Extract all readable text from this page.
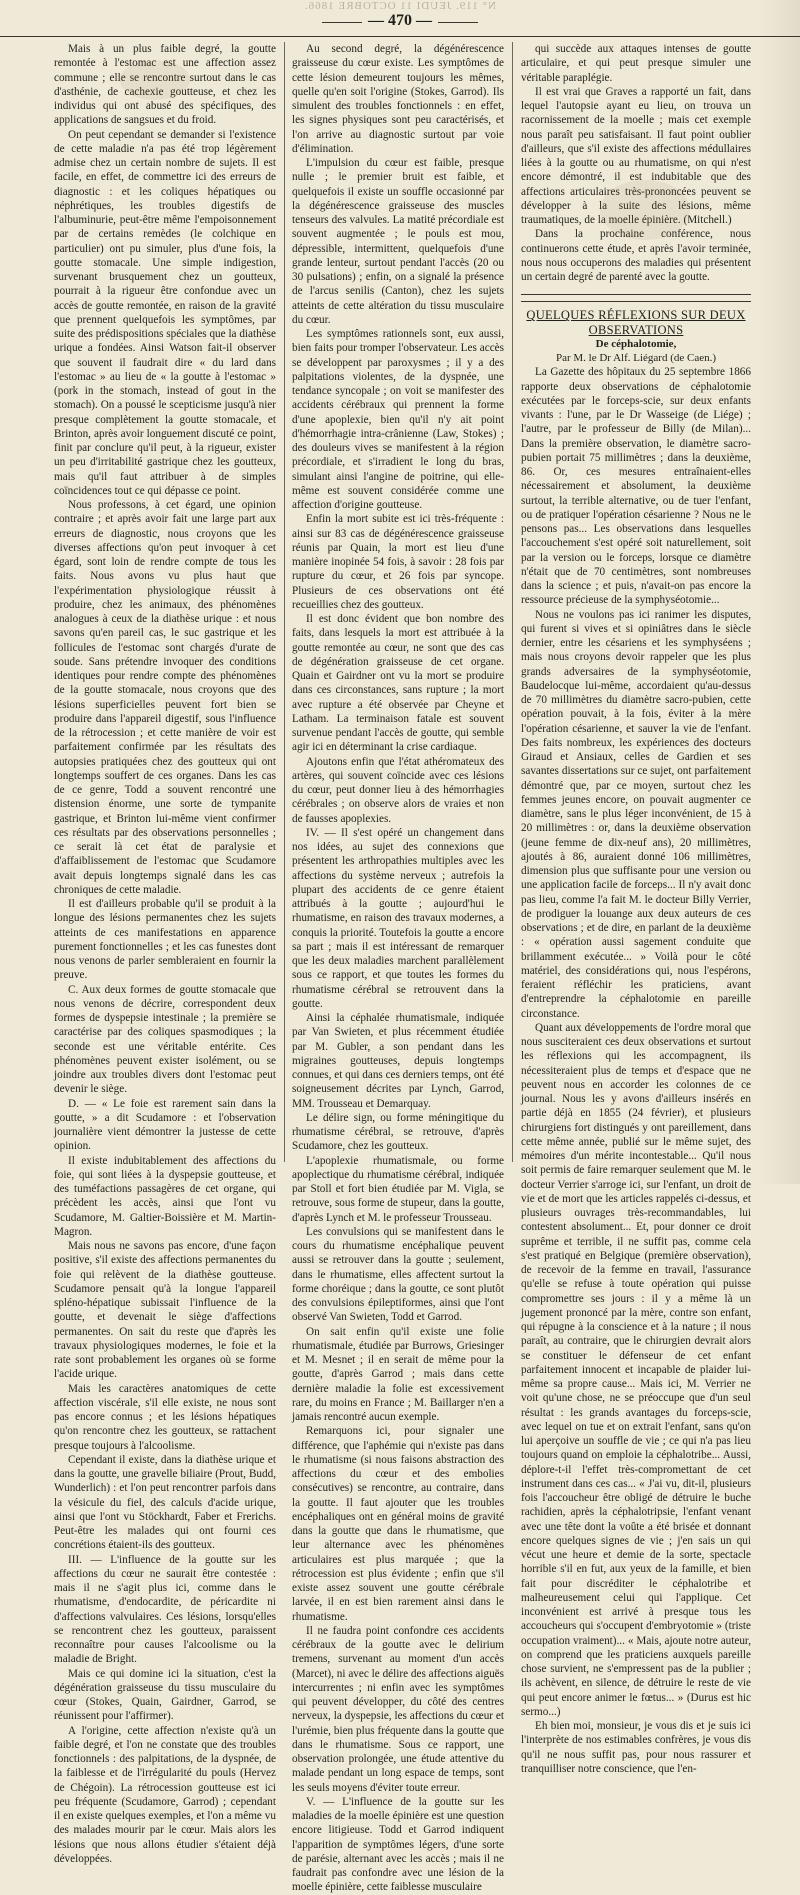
N° 119. JEUDI 11 OCTOBRE 1866.
— 470 —

Mais à un plus faible degré, la goutte remontée à l'estomac est une affection assez commune ; elle se rencontre surtout dans le cas d'asthénie, de cachexie goutteuse, et chez les individus qui ont abusé des spécifiques, des applications de sangsues et du froid.

On peut cependant se demander si l'existence de cette maladie n'a pas été trop légèrement admise chez un certain nombre de sujets. Il est facile, en effet, de commettre ici des erreurs de diagnostic : et les coliques hépatiques ou néphrétiques, les troubles digestifs de l'albuminurie, peut-être même l'empoisonnement par de certains remèdes (le colchique en particulier) ont pu simuler, plus d'une fois, la goutte stomacale. Une simple indigestion, survenant brusquement chez un goutteux, pourrait à la rigueur être confondue avec un accès de goutte remontée, en raison de la gravité que prennent quelquefois les symptômes, par suite des prédispositions spéciales que la diathèse urique a fondées. Ainsi Watson fait-il observer que souvent il faudrait dire « du lard dans l'estomac » au lieu de « la goutte à l'estomac » (pork in the stomach, instead of gout in the stomach). On a poussé le scepticisme jusqu'à nier presque complètement la goutte stomacale, et Brinton, après avoir longuement discuté ce point, finit par conclure qu'il peut, à la rigueur, exister un peu d'irritabilité gastrique chez les goutteux, mais qu'il faut attribuer à de simples coïncidences tout ce qui dépasse ce point.

Nous professons, à cet égard, une opinion contraire ; et après avoir fait une large part aux erreurs de diagnostic, nous croyons que les diverses affections qu'on peut invoquer à cet égard, sont loin de rendre compte de tous les faits. Nous avons vu plus haut que l'expérimentation physiologique réussit à produire, chez les animaux, des phénomènes analogues à ceux de la diathèse urique : et nous savons qu'en pareil cas, le suc gastrique et les follicules de l'estomac sont chargés d'urate de soude. Sans prétendre invoquer des conditions identiques pour rendre compte des phénomènes de la goutte stomacale, nous croyons que des lésions superficielles peuvent fort bien se produire dans l'appareil digestif, sous l'influence de la rétrocession ; et cette manière de voir est parfaitement confirmée par les résultats des autopsies pratiquées chez des goutteux qui ont longtemps souffert de ces organes. Dans les cas de ce genre, Todd a souvent rencontré une distension énorme, une sorte de tympanite gastrique, et Brinton lui-même vient confirmer ces résultats par des observations personnelles ; ce serait là cet état de paralysie et d'affaiblissement de l'estomac que Scudamore avait depuis longtemps signalé dans les cas chroniques de cette maladie.

Il est d'ailleurs probable qu'il se produit à la longue des lésions permanentes chez les sujets atteints de ces manifestations en apparence purement fonctionnelles ; et les cas funestes dont nous venons de parler sembleraient en fournir la preuve.

C. Aux deux formes de goutte stomacale que nous venons de décrire, correspondent deux formes de dyspepsie intestinale ; la première se caractérise par des coliques spasmodiques ; la seconde est une véritable entérite. Ces phénomènes peuvent exister isolément, ou se joindre aux troubles divers dont l'estomac peut devenir le siège.

D. — « Le foie est rarement sain dans la goutte, » a dit Scudamore : et l'observation journalière vient démontrer la justesse de cette opinion.

Il existe indubitablement des affections du foie, qui sont liées à la dyspepsie goutteuse, et des tuméfactions passagères de cet organe, qui précèdent les accès, ainsi que l'ont vu Scudamore, M. Galtier-Boissière et M. Martin-Magron.

Mais nous ne savons pas encore, d'une façon positive, s'il existe des affections permanentes du foie qui relèvent de la diathèse goutteuse. Scudamore pensait qu'à la longue l'appareil spléno-hépatique subissait l'influence de la goutte, et devenait le siège d'affections permanentes. On sait du reste que d'après les travaux physiologiques modernes, le foie et la rate sont probablement les organes où se forme l'acide urique.

Mais les caractères anatomiques de cette affection viscérale, s'il elle existe, ne nous sont pas encore connus ; et les lésions hépatiques qu'on rencontre chez les goutteux, se rattachent presque toujours à l'alcoolisme.

Cependant il existe, dans la diathèse urique et dans la goutte, une gravelle biliaire (Prout, Budd, Wunderlich) : et l'on peut rencontrer parfois dans la vésicule du fiel, des calculs d'acide urique, ainsi que l'ont vu Stöckhardt, Faber et Frerichs. Peut-être les malades qui ont fourni ces concrétions étaient-ils des goutteux.

III. — L'influence de la goutte sur les affections du cœur ne saurait être contestée : mais il ne s'agit plus ici, comme dans le rhumatisme, d'endocardite, de péricardite ni d'affections valvulaires. Ces lésions, lorsqu'elles se rencontrent chez les goutteux, paraissent reconnaître pour causes l'alcoolisme ou la maladie de Bright.

Mais ce qui domine ici la situation, c'est la dégénération graisseuse du tissu musculaire du cœur (Stokes, Quain, Gairdner, Garrod, se réunissent pour l'affirmer).

A l'origine, cette affection n'existe qu'à un faible degré, et l'on ne constate que des troubles fonctionnels : des palpitations, de la dyspnée, de la faiblesse et de l'irrégularité du pouls (Hervez de Chégoin). La rétrocession goutteuse est ici peu fréquente (Scudamore, Garrod) ; cependant il en existe quelques exemples, et l'on a même vu des malades mourir par le cœur. Mais alors les lésions que nous allons étudier s'étaient déjà développées.

Au second degré, la dégénérescence graisseuse du cœur existe. Les symptômes de cette lésion demeurent toujours les mêmes, quelle qu'en soit l'origine (Stokes, Garrod). Ils simulent des troubles fonctionnels : en effet, les signes physiques sont peu caractérisés, et l'on arrive au diagnostic surtout par voie d'élimination.

L'impulsion du cœur est faible, presque nulle ; le premier bruit est faible, et quelquefois il existe un souffle occasionné par la dégénérescence graisseuse des muscles tenseurs des valvules. La matité précordiale est souvent augmentée ; le pouls est mou, dépressible, intermittent, quelquefois d'une grande lenteur, surtout pendant l'accès (20 ou 30 pulsations) ; enfin, on a signalé la présence de l'arcus senilis (Canton), chez les sujets atteints de cette altération du tissu musculaire du cœur.

Les symptômes rationnels sont, eux aussi, bien faits pour tromper l'observateur. Les accès se développent par paroxysmes ; il y a des palpitations violentes, de la dyspnée, une tendance syncopale ; on voit se manifester des accidents cérébraux qui prennent la forme d'une apoplexie, bien qu'il n'y ait point d'hémorrhagie intra-crânienne (Law, Stokes) ; des douleurs vives se manifestent à la région précordiale, et s'irradient le long du bras, simulant ainsi l'angine de poitrine, qui elle-même est souvent considérée comme une affection d'origine goutteuse.

Enfin la mort subite est ici très-fréquente : ainsi sur 83 cas de dégénérescence graisseuse réunis par Quain, la mort est lieu d'une manière inopinée 54 fois, à savoir : 28 fois par rupture du cœur, et 26 fois par syncope. Plusieurs de ces observations ont été recueillies chez des goutteux.

Il est donc évident que bon nombre des faits, dans lesquels la mort est attribuée à la goutte remontée au cœur, ne sont que des cas de dégénération graisseuse de cet organe. Quain et Gairdner ont vu la mort se produire dans ces circonstances, sans rupture ; la mort avec rupture a été observée par Cheyne et Latham. La terminaison fatale est souvent survenue pendant l'accès de goutte, qui semble agir ici en déterminant la crise cardiaque.

Ajoutons enfin que l'état athéromateux des artères, qui souvent coïncide avec ces lésions du cœur, peut donner lieu à des hémorrhagies cérébrales ; on observe alors de vraies et non de fausses apoplexies.

IV. — Il s'est opéré un changement dans nos idées, au sujet des connexions que présentent les arthropathies multiples avec les affections du système nerveux ; autrefois la plupart des accidents de ce genre étaient attribués à la goutte ; aujourd'hui le rhumatisme, en raison des travaux modernes, a conquis la priorité. Toutefois la goutte a encore sa part ; mais il est intéressant de remarquer que les deux maladies marchent parallèlement sous ce rapport, et que toutes les formes du rhumatisme cérébral se retrouvent dans la goutte.

Ainsi la céphalée rhumatismale, indiquée par Van Swieten, et plus récemment étudiée par M. Gubler, a son pendant dans les migraines goutteuses, depuis longtemps connues, et qui dans ces derniers temps, ont été soigneusement décrites par Lynch, Garrod, MM. Trousseau et Demarquay.

Le délire sign, ou forme méningitique du rhumatisme cérébral, se retrouve, d'après Scudamore, chez les goutteux.

L'apoplexie rhumatismale, ou forme apoplectique du rhumatisme cérébral, indiquée par Stoll et fort bien étudiée par M. Vigla, se retrouve, sous forme de stupeur, dans la goutte, d'après Lynch et M. le professeur Trousseau.

Les convulsions qui se manifestent dans le cours du rhumatisme encéphalique peuvent aussi se retrouver dans la goutte ; seulement, dans le rhumatisme, elles affectent surtout la forme choréique ; dans la goutte, ce sont plutôt des convulsions épileptiformes, ainsi que l'ont observé Van Swieten, Todd et Garrod.

On sait enfin qu'il existe une folie rhumatismale, étudiée par Burrows, Griesinger et M. Mesnet ; il en serait de même pour la goutte, d'après Garrod ; mais dans cette dernière maladie la folie est excessivement rare, du moins en France ; M. Baillarger n'en a jamais rencontré aucun exemple.

Remarquons ici, pour signaler une différence, que l'aphémie qui n'existe pas dans le rhumatisme (si nous faisons abstraction des affections du cœur et des embolies consécutives) se rencontre, au contraire, dans la goutte. Il faut ajouter que les troubles encéphaliques ont en général moins de gravité dans la goutte que dans le rhumatisme, que leur alternance avec les phénomènes articulaires est plus marquée ; que la rétrocession est plus évidente ; enfin que s'il existe assez souvent une goutte cérébrale larvée, il en est bien rarement ainsi dans le rhumatisme.

Il ne faudra point confondre ces accidents cérébraux de la goutte avec le delirium tremens, survenant au moment d'un accès (Marcet), ni avec le délire des affections aiguës intercurrentes ; ni enfin avec les symptômes qui peuvent développer, du côté des centres nerveux, la dyspepsie, les affections du cœur et l'urémie, bien plus fréquente dans la goutte que dans le rhumatisme. Sous ce rapport, une observation prolongée, une étude attentive du malade pendant un long espace de temps, sont les seuls moyens d'éviter toute erreur.

V. — L'influence de la goutte sur les maladies de la moelle épinière est une question encore litigieuse. Todd et Garrod indiquent l'apparition de symptômes légers, d'une sorte de parésie, alternant avec les accès ; mais il ne faudrait pas confondre avec une lésion de la moelle épinière, cette faiblesse musculaire

qui succède aux attaques intenses de goutte articulaire, et qui peut presque simuler une véritable paraplégie.

Il est vrai que Graves a rapporté un fait, dans lequel l'autopsie ayant eu lieu, on trouva un racornissement de la moelle ; mais cet exemple nous paraît peu satisfaisant. Il faut point oublier d'ailleurs, que s'il existe des affections médullaires liées à la goutte ou au rhumatisme, on qui n'est encore démontré, il est indubitable que des affections articulaires très-prononcées peuvent se développer à la suite des lésions, même traumatiques, de la moelle épinière. (Mitchell.)

Dans la prochaine conférence, nous continuerons cette étude, et après l'avoir terminée, nous nous occuperons des maladies qui présentent un certain degré de parenté avec la goutte.

QUELQUES RÉFLEXIONS SUR DEUX OBSERVATIONS

De céphalotomie,

Par M. le Dr Alf. Liégard (de Caen.)

La Gazette des hôpitaux du 25 septembre 1866 rapporte deux observations de céphalotomie exécutées par le forceps-scie, sur deux enfants vivants : l'une, par le Dr Wasseige (de Liége) ; l'autre, par le professeur de Billy (de Milan)... Dans la première observation, le diamètre sacro-pubien portait 75 millimètres ; dans la deuxième, 86. Or, ces mesures entraînaient-elles nécessairement et absolument, la deuxième surtout, la terrible alternative, ou de tuer l'enfant, ou de pratiquer l'opération césarienne ? Nous ne le pensons pas... Les observations dans lesquelles l'accouchement s'est opéré soit naturellement, soit par la version ou le forceps, lorsque ce diamètre n'était que de 70 centimètres, sont nombreuses dans la science ; et puis, n'avait-on pas encore la ressource précieuse de la symphyséotomie...

Nous ne voulons pas ici ranimer les disputes, qui furent si vives et si opiniâtres dans le siècle dernier, entre les césariens et les symphyséens ; mais nous croyons devoir rappeler que les plus grands adversaires de la symphyséotomie, Baudelocque lui-même, accordaient qu'au-dessus de 70 millimètres du diamètre sacro-pubien, cette opération pouvait, à la fois, éviter à la mère l'opération césarienne, et sauver la vie de l'enfant. Des faits nombreux, les expériences des docteurs Giraud et Ansiaux, celles de Gardien et ses savantes dissertations sur ce sujet, ont parfaitement démontré que, par ce moyen, surtout chez les femmes jeunes encore, on pouvait augmenter ce diamètre, sans le plus léger inconvénient, de 15 à 20 millimètres : or, dans la deuxième observation (jeune femme de dix-neuf ans), 20 millimètres, ajoutés à 86, auraient donné 106 millimètres, dimension plus que suffisante pour une version ou une application facile de forceps... Il n'y avait donc pas lieu, comme l'a fait M. le docteur Billy Verrier, de prodiguer la louange aux deux auteurs de ces observations ; et de dire, en parlant de la deuxième : « opération aussi sagement conduite que brillamment exécutée... » Voilà pour le côté matériel, des considérations qui, nous l'espérons, feraient réfléchir les praticiens, avant d'entreprendre la céphalotomie en pareille circonstance.

Quant aux développements de l'ordre moral que nous susciteraient ces deux observations et surtout les réflexions qui les accompagnent, ils nécessiteraient plus de temps et d'espace que ne peuvent nous en accorder les colonnes de ce journal. Nous les y avons d'ailleurs insérés en partie déjà en 1855 (24 février), et plusieurs chirurgiens fort distingués y ont pareillement, dans cette même année, publié sur le même sujet, des mémoires d'un mérite incontestable... Qu'il nous soit permis de faire remarquer seulement que M. le docteur Verrier s'arroge ici, sur l'enfant, un droit de vie et de mort que les articles rappelés ci-dessus, et plusieurs ouvrages très-recommandables, lui contestent absolument... Et, pour donner ce droit suprême et terrible, il ne suffit pas, comme cela s'est pratiqué en Belgique (première observation), de recevoir de la femme en travail, l'assurance qu'elle se refuse à toute opération qui puisse compromettre ses jours : il y a même là un jugement prononcé par la mère, contre son enfant, qui répugne à la conscience et à la nature ; il nous paraît, au contraire, que le chirurgien devrait alors se constituer le défenseur de cet enfant parfaitement innocent et incapable de plaider lui-même sa propre cause... Mais ici, M. Verrier ne voit qu'une chose, ne se préoccupe que d'un seul résultat : les grands avantages du forceps-scie, avec lequel on tue et on extrait l'enfant, sans qu'on lui aperçoive un souffle de vie ; ce qui n'a pas lieu toujours quand on emploie la céphalotribe... Aussi, déplore-t-il l'effet très-compromettant de cet instrument dans ces cas... « J'ai vu, dit-il, plusieurs fois l'accoucheur être obligé de détruire le buche rachidien, après la céphalotripsie, l'enfant venant avec une tête dont la voûte a été brisée et donnant encore quelques signes de vie ; j'en sais un qui vécut une heure et demie de la sorte, spectacle horrible s'il en fut, aux yeux de la famille, et bien fait pour discréditer le céphalotribe et malheureusement celui qui l'applique. Cet inconvénient est arrivé à presque tous les accoucheurs qui s'occupent d'embryotomie » (triste occupation vraiment)... « Mais, ajoute notre auteur, on comprend que les praticiens auxquels pareille chose survient, ne s'empressent pas de la publier ; ils achèvent, en silence, de détruire le reste de vie qui peut encore animer le fœtus... » (Durus est hic sermo...)

Eh bien moi, monsieur, je vous dis et je suis ici l'interprète de nos estimables confrères, je vous dis qu'il ne nous suffit pas, pour nous rassurer et tranquilliser notre conscience, que l'en-
